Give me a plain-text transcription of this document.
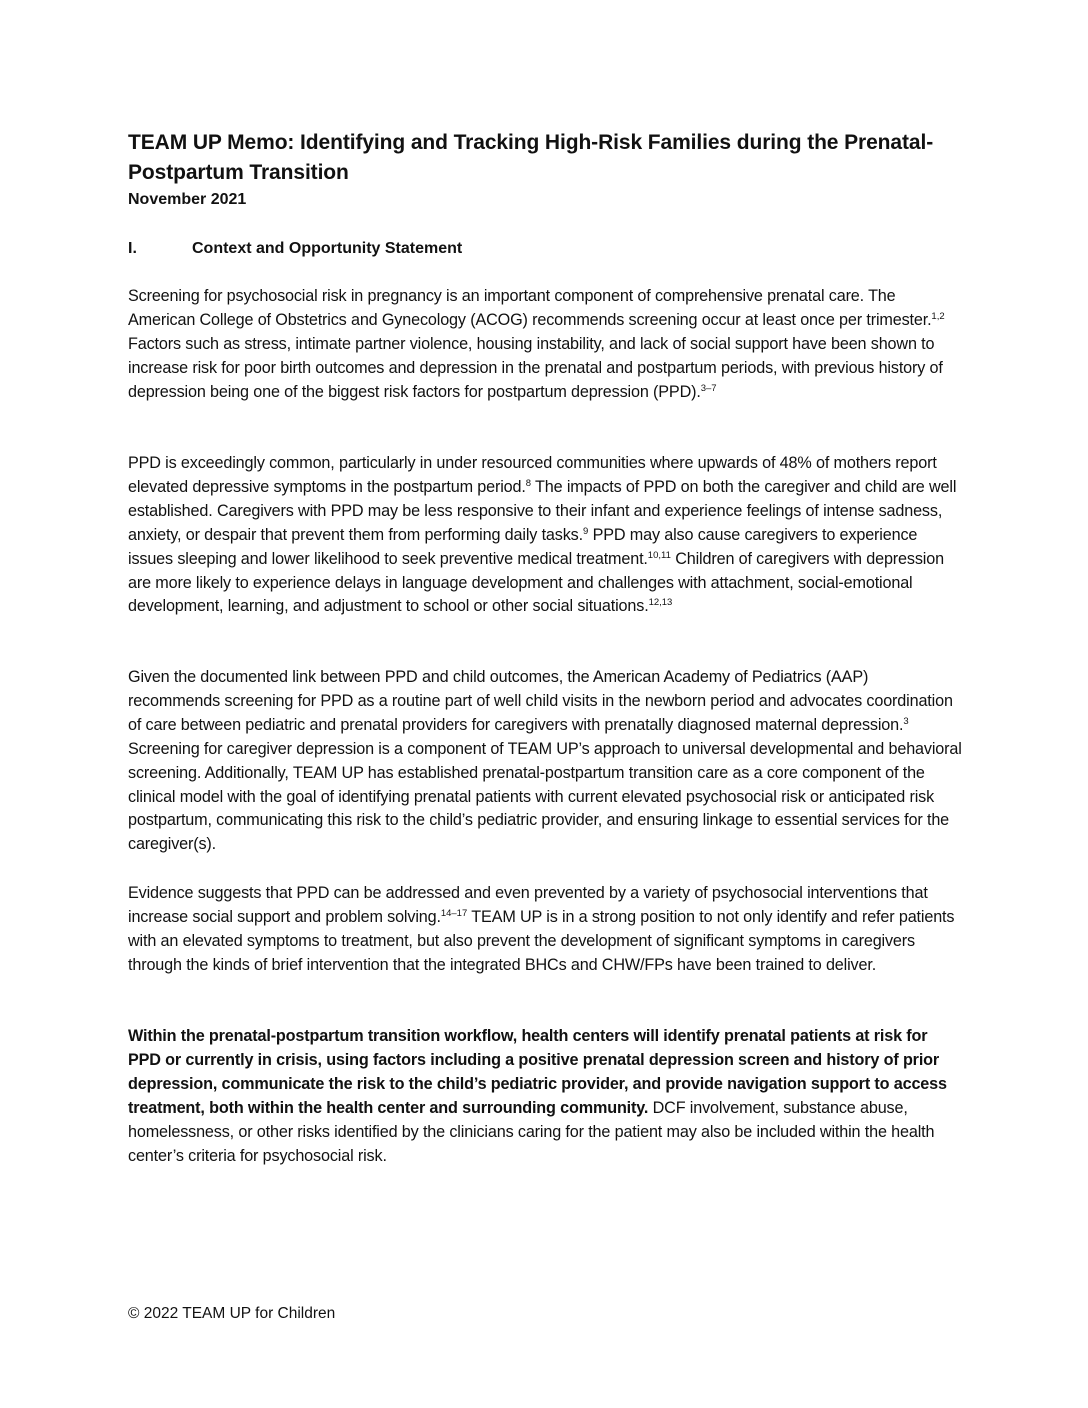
TEAM UP Memo: Identifying and Tracking High-Risk Families during the Prenatal-Postpartum Transition
November 2021
I.	Context and Opportunity Statement

Screening for psychosocial risk in pregnancy is an important component of comprehensive prenatal care. The American College of Obstetrics and Gynecology (ACOG) recommends screening occur at least once per trimester.$^{1,2}$ Factors such as stress, intimate partner violence, housing instability, and lack of social support have been shown to increase risk for poor birth outcomes and depression in the prenatal and postpartum periods, with previous history of depression being one of the biggest risk factors for postpartum depression (PPD).$^{3-7}$

PPD is exceedingly common, particularly in under resourced communities where upwards of 48% of mothers report elevated depressive symptoms in the postpartum period.$^8$ The impacts of PPD on both the caregiver and child are well established. Caregivers with PPD may be less responsive to their infant and experience feelings of intense sadness, anxiety, or despair that prevent them from performing daily tasks.$^9$ PPD may also cause caregivers to experience issues sleeping and lower likelihood to seek preventive medical treatment.$^{10,11}$ Children of caregivers with depression are more likely to experience delays in language development and challenges with attachment, social-emotional development, learning, and adjustment to school or other social situations.$^{12,13}$

Given the documented link between PPD and child outcomes, the American Academy of Pediatrics (AAP) recommends screening for PPD as a routine part of well child visits in the newborn period and advocates coordination of care between pediatric and prenatal providers for caregivers with prenatally diagnosed maternal depression.$^3$ Screening for caregiver depression is a component of TEAM UP’s approach to universal developmental and behavioral screening. Additionally, TEAM UP has established prenatal-postpartum transition care as a core component of the clinical model with the goal of identifying prenatal patients with current elevated psychosocial risk or anticipated risk postpartum, communicating this risk to the child’s pediatric provider, and ensuring linkage to essential services for the caregiver(s).

Evidence suggests that PPD can be addressed and even prevented by a variety of psychosocial interventions that increase social support and problem solving.$^{14-17}$ TEAM UP is in a strong position to not only identify and refer patients with an elevated symptoms to treatment, but also prevent the development of significant symptoms in caregivers through the kinds of brief intervention that the integrated BHCs and CHW/FPs have been trained to deliver.

Within the prenatal-postpartum transition workflow, health centers will identify prenatal patients at risk for PPD or currently in crisis, using factors including a positive prenatal depression screen and history of prior depression, communicate the risk to the child’s pediatric provider, and provide navigation support to access treatment, both within the health center and surrounding community. DCF involvement, substance abuse, homelessness, or other risks identified by the clinicians caring for the patient may also be included within the health center’s criteria for psychosocial risk.

© 2022 TEAM UP for Children
